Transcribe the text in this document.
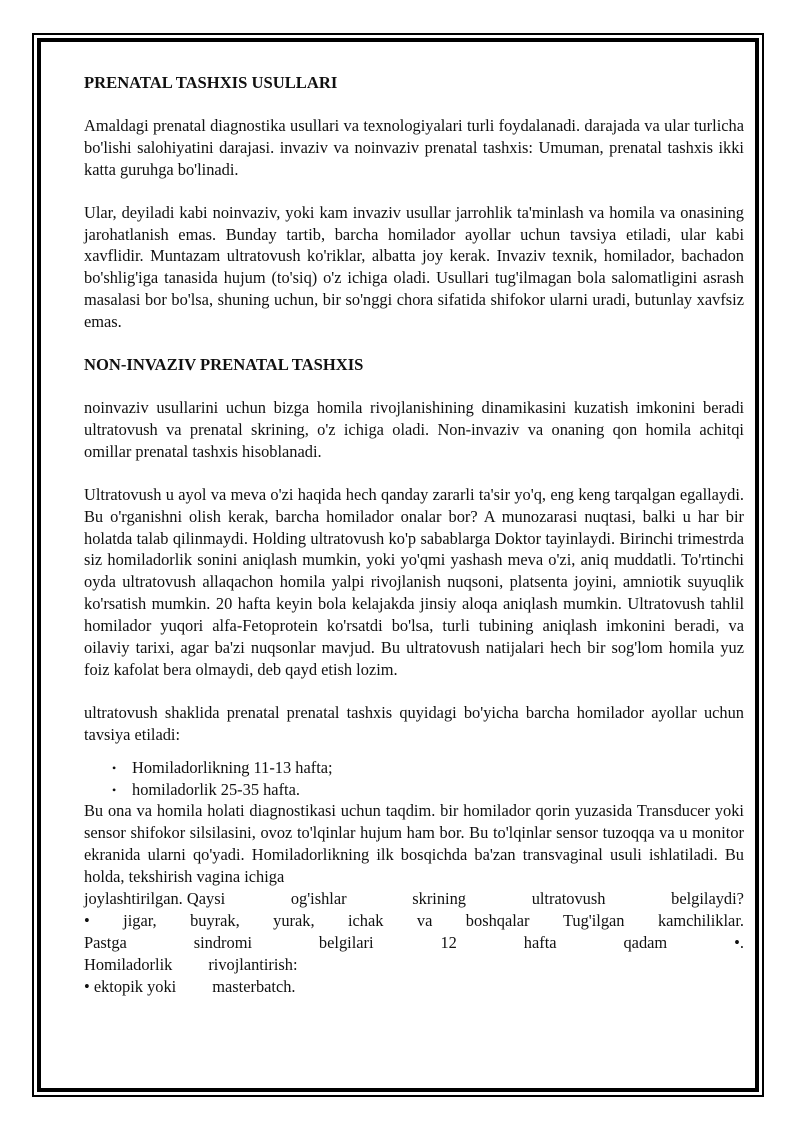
PRENATAL TASHXIS USULLARI

Amaldagi prenatal diagnostika usullari va texnologiyalari turli foydalanadi. darajada va ular turlicha bo'lishi salohiyatini darajasi. invaziv va noinvaziv prenatal tashxis: Umuman, prenatal tashxis ikki katta guruhga bo'linadi.

Ular, deyiladi kabi noinvaziv, yoki kam invaziv usullar jarrohlik ta'minlash va homila va onasining jarohatlanish emas. Bunday tartib, barcha homilador ayollar uchun tavsiya etiladi, ular kabi xavflidir. Muntazam ultratovush ko'riklar, albatta joy kerak. Invaziv texnik, homilador, bachadon bo'shlig'iga tanasida hujum (to'siq) o'z ichiga oladi. Usullari tug'ilmagan bola salomatligini asrash masalasi bor bo'lsa, shuning uchun, bir so'nggi chora sifatida shifokor ularni uradi, butunlay xavfsiz emas.

NON-INVAZIV PRENATAL TASHXIS

noinvaziv usullarini uchun bizga homila rivojlanishining dinamikasini kuzatish imkonini beradi ultratovush va prenatal skrining, o'z ichiga oladi. Non-invaziv va onaning qon homila achitqi omillar prenatal tashxis hisoblanadi.

Ultratovush u ayol va meva o'zi haqida hech qanday zararli ta'sir yo'q, eng keng tarqalgan egallaydi. Bu o'rganishni olish kerak, barcha homilador onalar bor? A munozarasi nuqtasi, balki u har bir holatda talab qilinmaydi. Holding ultratovush ko'p sabablarga Doktor tayinlaydi. Birinchi trimestrda siz homiladorlik sonini aniqlash mumkin, yoki yo'qmi yashash meva o'zi, aniq muddatli. To'rtinchi oyda ultratovush allaqachon homila yalpi rivojlanish nuqsoni, platsenta joyini, amniotik suyuqlik ko'rsatish mumkin. 20 hafta keyin bola kelajakda jinsiy aloqa aniqlash mumkin. Ultratovush tahlil homilador yuqori alfa-Fetoprotein ko'rsatdi bo'lsa, turli tubining aniqlash imkonini beradi, va oilaviy tarixi, agar ba'zi nuqsonlar mavjud. Bu ultratovush natijalari hech bir sog'lom homila yuz foiz kafolat bera olmaydi, deb qayd etish lozim.

ultratovush shaklida prenatal prenatal tashxis quyidagi bo'yicha barcha homilador ayollar uchun tavsiya etiladi:

• Homiladorlikning 11-13 hafta;
• homiladorlik 25-35 hafta.

Bu ona va homila holati diagnostikasi uchun taqdim. bir homilador qorin yuzasida Transducer yoki sensor shifokor silsilasini, ovoz to'lqinlar hujum ham bor. Bu to'lqinlar sensor tuzoqqa va u monitor ekranida ularni qo'yadi. Homiladorlikning ilk bosqichda ba'zan transvaginal usuli ishlatiladi. Bu holda, tekshirish vagina ichiga

joylashtirilgan. Qaysi	og'ishlar	skrining	ultratovush	belgilaydi?
• jigar, buyrak, yurak, ichak va boshqalar Tug'ilgan kamchiliklar.
Pastga	sindromi	belgilari	12	hafta	qadam	•.
Homiladorlik rivojlantirish:
• ektopik yoki masterbatch.
